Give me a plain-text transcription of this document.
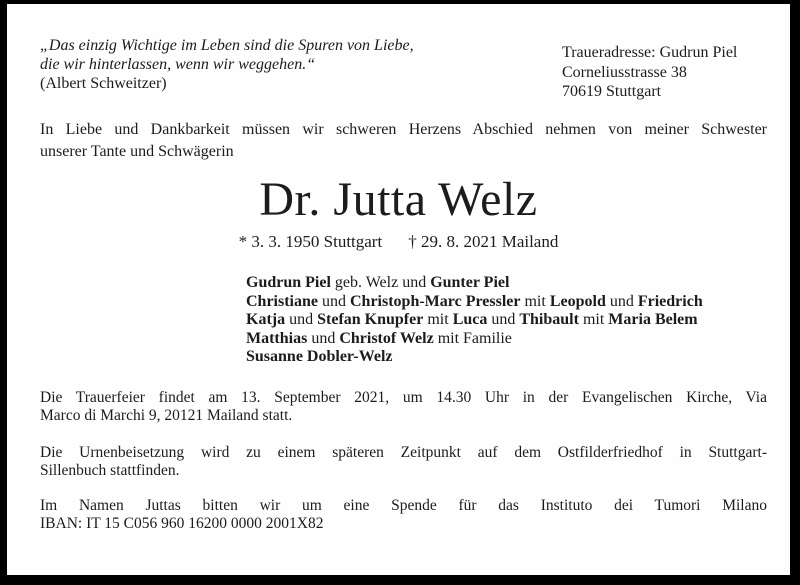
„Das einzig Wichtige im Leben sind die Spuren von Liebe,
die wir hinterlassen, wenn wir weggehen.“
(Albert Schweitzer)
Traueradresse: Gudrun Piel
Corneliusstrasse 38
70619 Stuttgart
In Liebe und Dankbarkeit müssen wir schweren Herzens Abschied nehmen von meiner Schwester
unserer Tante und Schwägerin
Dr. Jutta Welz
* 3. 3. 1950 Stuttgart † 29. 8. 2021 Mailand
Gudrun Piel geb. Welz und Gunter Piel
Christiane und Christoph-Marc Pressler mit Leopold und Friedrich
Katja und Stefan Knupfer mit Luca und Thibault mit Maria Belem
Matthias und Christof Welz mit Familie
Susanne Dobler-Welz
Die Trauerfeier findet am 13. September 2021, um 14.30 Uhr in der Evangelischen Kirche, Via
Marco di Marchi 9, 20121 Mailand statt.
Die Urnenbeisetzung wird zu einem späteren Zeitpunkt auf dem Ostfilderfriedhof in Stuttgart-
Sillenbuch stattfinden.
Im Namen Juttas bitten wir um eine Spende für das Instituto dei Tumori Milano
IBAN: IT 15 C056 960 16200 0000 2001X82
